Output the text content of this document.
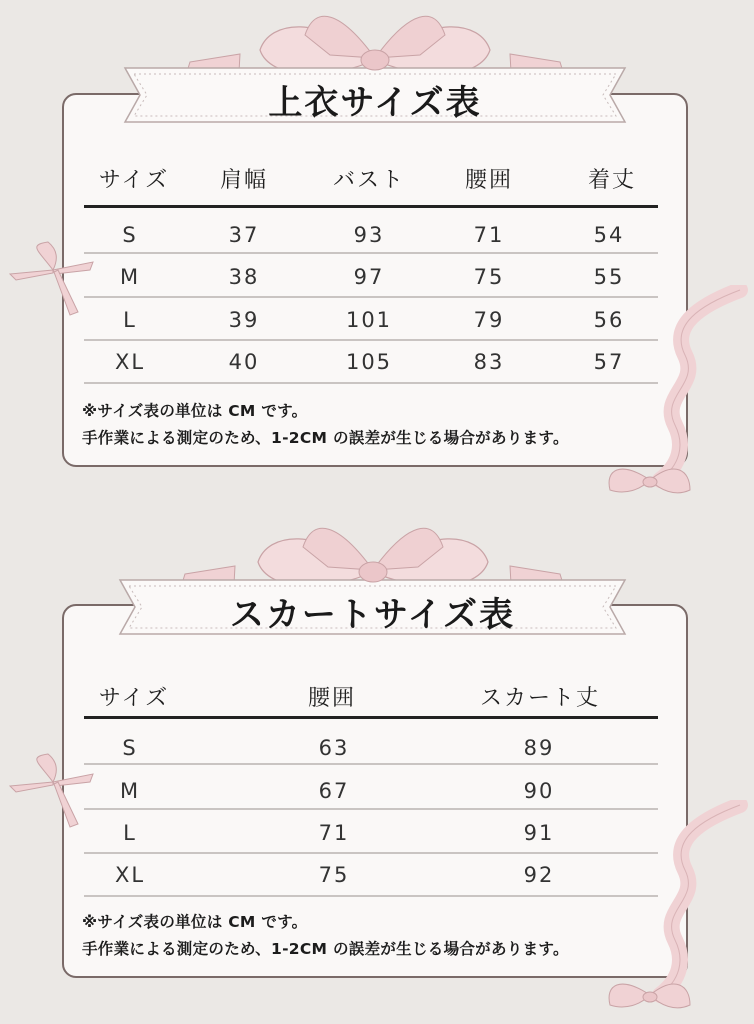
サイズ 肩幅	バスト	腰囲	着丈
S	37	93	71	54
M	38	97	75	55
L	39	101	79	56
XL	40	105	83	57
※サイズ表の単位は CM です。
手作業による測定のため、1-2CM の誤差が生じる場合があります。
サイズ	腰囲	スカート丈
S	63	89
M	67	90
L	71	91
XL	75	92
※サイズ表の単位は CM です。
手作業による測定のため、1-2CM の誤差が生じる場合があります。
上衣サイズ表
スカートサイズ表
